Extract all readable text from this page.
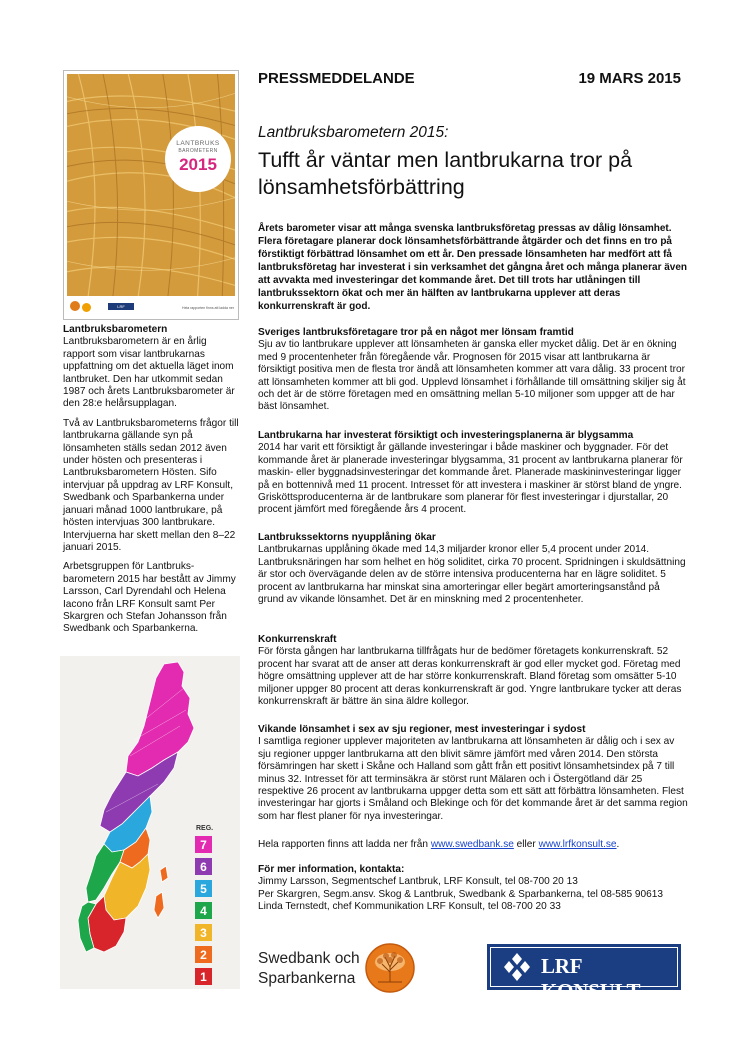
LANTBRUKS
BAROMETERN
2015
LRF KONSULT
Hela rapporten finns att ladda ner
Lantbruksbarometern

Lantbruksbarometern är en årlig rapport som visar lantbrukarnas uppfattning om det aktuella läget inom lantbruket. Den har utkommit sedan 1987 och årets Lantbruksbarometer är den 28:e helårsupplagan.

Två av Lantbruksbarometerns frågor till lantbrukarna gällande syn på lönsamheten ställs sedan 2012 även under hösten och presenteras i Lantbruksbarometern Hösten. Sifo intervjuar på uppdrag av LRF Konsult, Swedbank och Sparbankerna under januari månad 1000 lantbrukare, på hösten intervjuas 300 lantbrukare. Intervjuerna har skett mellan den 8–22 januari 2015.

Arbetsgruppen för Lantbruks-barometern 2015 har bestått av Jimmy Larsson, Carl Dyrendahl och Helena Iacono från LRF Konsult samt Per Skargren och Stefan Johansson från Swedbank och Sparbankerna.

PRESSMEDDELANDE	19 MARS 2015
Lantbruksbarometern 2015:
Tufft år väntar men lantbrukarna tror på lönsamhetsförbättring
Årets barometer visar att många svenska lantbruksföretag pressas av dålig lönsamhet. Flera företagare planerar dock lönsamhetsförbättrande åtgärder och det finns en tro på förstiktigt förbättrad lönsamhet om ett år. Den pressade lönsamheten har medfört att få lantbruksföretag har investerat i sin verksamhet det gångna året och många planerar även att avvakta med investeringar det kommande året. Det till trots har utlåningen till lantbrukssektorn ökat och mer än hälften av lantbrukarna upplever att deras konkurrenskraft är god.
Sveriges lantbruksföretagare tror på en något mer lönsam framtid

Sju av tio lantbrukare upplever att lönsamheten är ganska eller mycket dålig. Det är en ökning med 9 procentenheter från föregående vår. Prognosen för 2015 visar att lantbrukarna är försiktigt positiva men de flesta tror ändå att lönsamheten kommer att vara dålig. 33 procent tror att lönsamheten kommer att bli god. Upplevd lönsamhet i förhållande till omsättning skiljer sig åt och det är de större företagen med en omsättning mellan 5-10 miljoner som uppger att de har bäst lönsamhet.

Lantbrukarna har investerat försiktigt och investeringsplanerna är blygsamma

2014 har varit ett försiktigt år gällande investeringar i både maskiner och byggnader. För det kommande året är planerade investeringar blygsamma, 31 procent av lantbrukarna planerar för maskin- eller byggnadsinvesteringar det kommande året. Planerade maskininvesteringar ligger på en bottennivå med 11 procent. Intresset för att investera i maskiner är störst bland de yngre. Grisköttsproducenterna är de lantbrukare som planerar för flest investeringar i djurstallar, 20 procent jämfört med föregående års 4 procent.

Lantbrukssektorns nyupplåning ökar

Lantbrukarnas upplåning ökade med 14,3 miljarder kronor eller 5,4 procent under 2014. Lantbruksnäringen har som helhet en hög soliditet, cirka 70 procent. Spridningen i skuldsättning är stor och övervägande delen av de större intensiva producenterna har en lägre soliditet. 5 procent av lantbrukarna har minskat sina amorteringar eller begärt amorteringsanstånd på grund av vikande lönsamhet. Det är en minskning med 2 procentenheter.

Konkurrenskraft

För första gången har lantbrukarna tillfrågats hur de bedömer företagets konkurrenskraft. 52 procent har svarat att de anser att deras konkurrenskraft är god eller mycket god. Företag med högre omsättning upplever att de har större konkurrenskraft. Bland företag som omsätter 5-10 miljoner uppger 80 procent att deras konkurrenskraft är god. Yngre lantbrukare tycker att deras konkurrenskraft är bättre än sina äldre kollegor.

Vikande lönsamhet i sex av sju regioner, mest investeringar i sydost

I samtliga regioner upplever majoriteten av lantbrukarna att lönsamheten är dålig och i sex av sju regioner uppger lantbrukarna att den blivit sämre jämfört med våren 2014. Den största försämringen har skett i Skåne och Halland som gått från ett positivt lönsamhetsindex på 7 till minus 32. Intresset för att terminsäkra är störst runt Mälaren och i Östergötland där 25 respektive 26 procent av lantbrukarna uppger detta som ett sätt att förbättra lönsamheten. Flest investeringar har gjorts i Småland och Blekinge och för det kommande året är det samma region som har flest planer för nya investeringar.

Hela rapporten finns att ladda ner från www.swedbank.se eller www.lrfkonsult.se.
För mer information, kontakta:

Jimmy Larsson, Segmentschef Lantbruk, LRF Konsult, tel 08-700 20 13

Per Skargren, Segm.ansv. Skog & Lantbruk, Swedbank & Sparbankerna, tel 08-585 90613

Linda Ternstedt, chef Kommunikation LRF Konsult, tel 08-700 20 33

Swedbank och
Sparbankerna
LRF KONSULT
REG.
7
6
5
4
3
2
1
